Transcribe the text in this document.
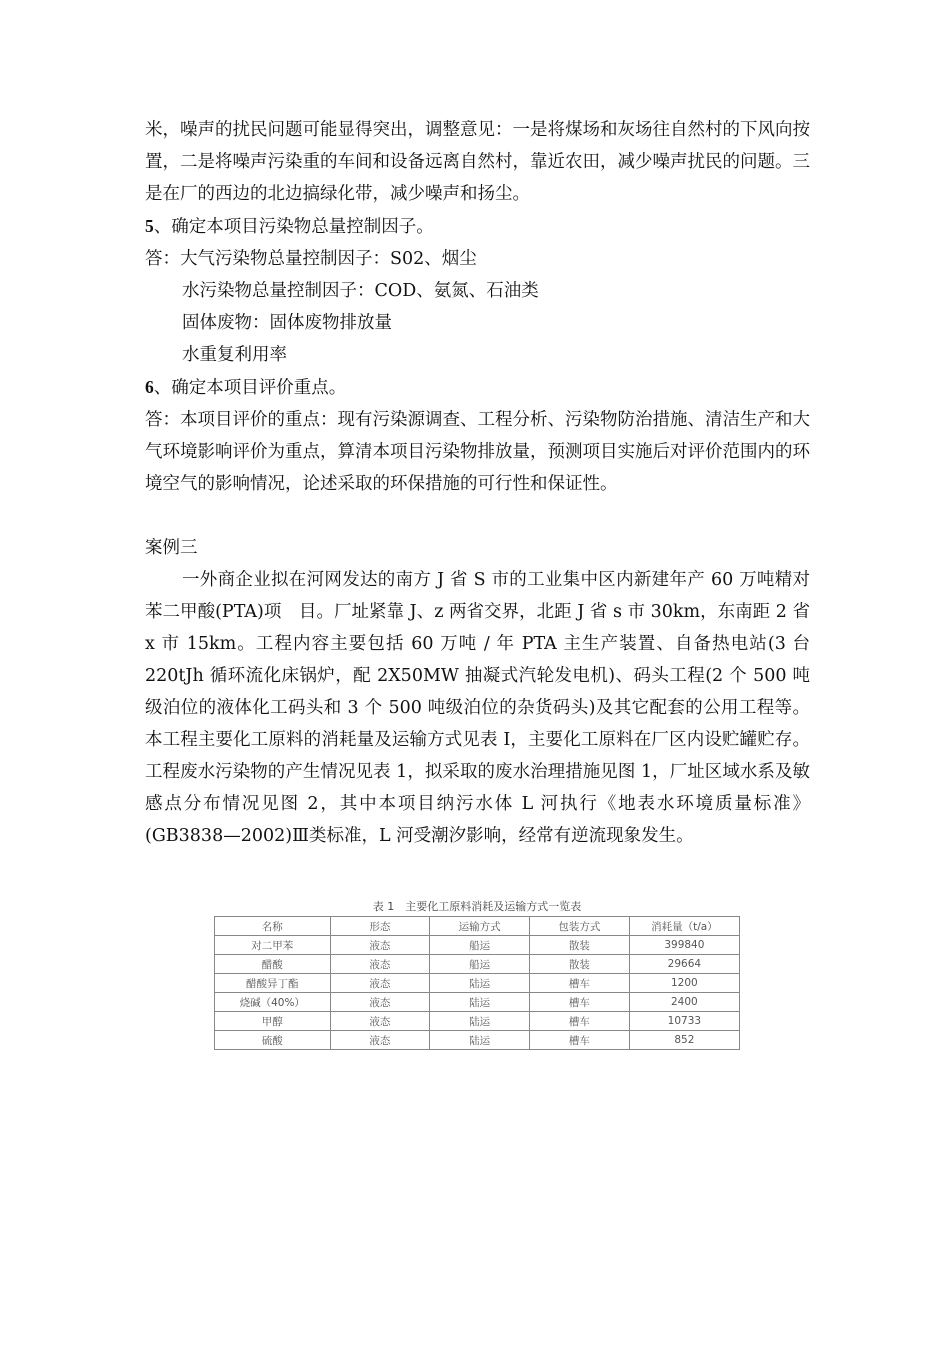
米，噪声的扰民问题可能显得突出，调整意见：一是将煤场和灰场往自然村的下风向按置，二是将噪声污染重的车间和设备远离自然村，靠近农田，减少噪声扰民的问题。三是在厂的西边的北边搞绿化带，减少噪声和扬尘。

5、确定本项目污染物总量控制因子。

答：大气污染物总量控制因子：S02、烟尘

水污染物总量控制因子：COD、氨氮、石油类

固体废物：固体废物排放量

水重复利用率

6、确定本项目评价重点。

答：本项目评价的重点：现有污染源调查、工程分析、污染物防治措施、清洁生产和大气环境影响评价为重点，算清本项目污染物排放量，预测项目实施后对评价范围内的环境空气的影响情况，论述采取的环保措施的可行性和保证性。

案例三

一外商企业拟在河网发达的南方 J 省 S 市的工业集中区内新建年产 60 万吨精对苯二甲酸(PTA)项　目。厂址紧靠 J、z 两省交界，北距 J 省 s 市 30km，东南距 2 省 x 市 15km。工程内容主要包括 60 万吨 / 年 PTA 主生产装置、自备热电站(3 台 220tJh 循环流化床锅炉，配 2X50MW 抽凝式汽轮发电机)、码头工程(2 个 500 吨级泊位的液体化工码头和 3 个 500 吨级泊位的杂货码头)及其它配套的公用工程等。本工程主要化工原料的消耗量及运输方式见表 I，主要化工原料在厂区内设贮罐贮存。工程废水污染物的产生情况见表 1，拟采取的废水治理措施见图 1，厂址区域水系及敏感点分布情况见图 2，其中本项目纳污水体 L 河执行《地表水环境质量标准》(GB3838—2002)Ⅲ类标准，L 河受潮汐影响，经常有逆流现象发生。

表 1　主要化工原料消耗及运输方式一览表
名称	形态	运输方式	包装方式	消耗量（t/a）
对二甲苯	液态	船运	散装	399840
醋酸	液态	船运	散装	29664
醋酸异丁酯	液态	陆运	槽车	1200
烧碱（40%）	液态	陆运	槽车	2400
甲醇	液态	陆运	槽车	10733
硫酸	液态	陆运	槽车	852
